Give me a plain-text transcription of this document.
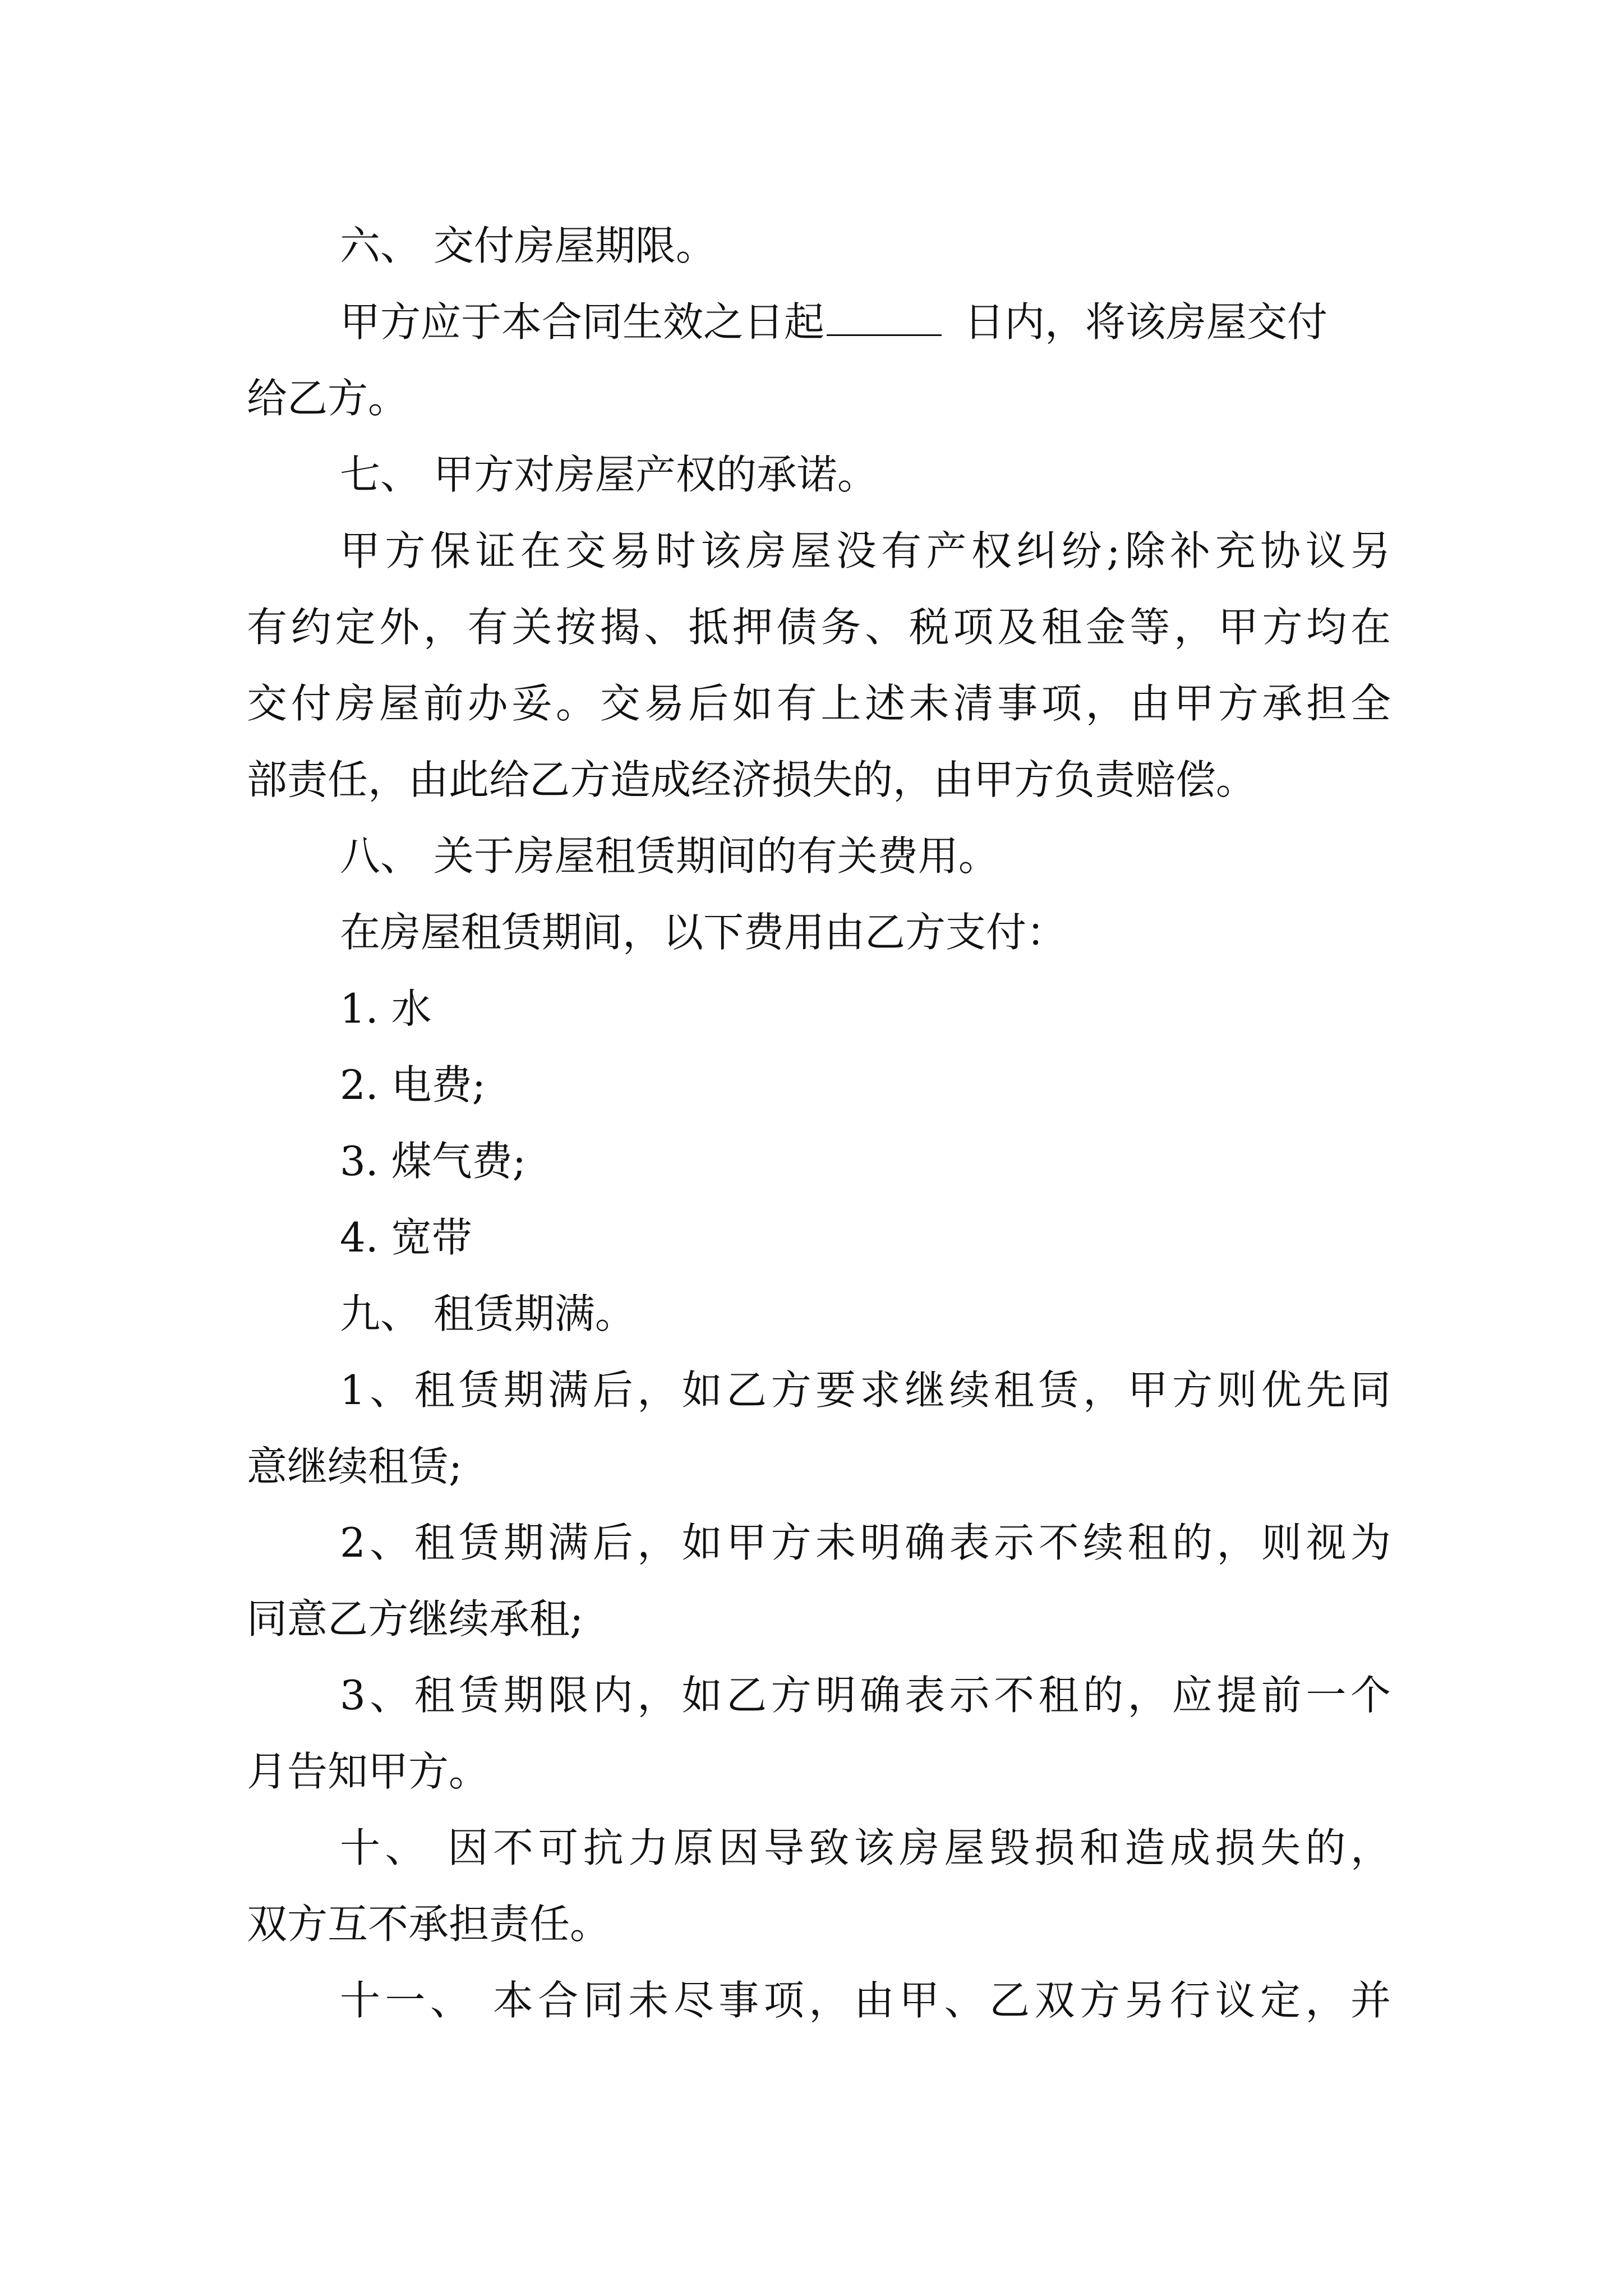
六、 交付房屋期限。
甲方应于本合同生效之日起	日内，将该房屋交付
给乙方。
七、 甲方对房屋产权的承诺。
甲方保证在交易时该房屋没有产权纠纷;除补充协议另
有约定外，有关按揭、抵押债务、税项及租金等，甲方均在
交付房屋前办妥。交易后如有上述未清事项，由甲方承担全
部责任，由此给乙方造成经济损失的，由甲方负责赔偿。
八、 关于房屋租赁期间的有关费用。
在房屋租赁期间，以下费用由乙方支付：
1. 水
2. 电费;
3. 煤气费;
4. 宽带
九、 租赁期满。
1、租赁期满后，如乙方要求继续租赁，甲方则优先同
意继续租赁;
2、租赁期满后，如甲方未明确表示不续租的，则视为
同意乙方继续承租;
3、租赁期限内，如乙方明确表示不租的，应提前一个
月告知甲方。
十、 因不可抗力原因导致该房屋毁损和造成损失的，
双方互不承担责任。
十一、 本合同未尽事项，由甲、乙双方另行议定，并
